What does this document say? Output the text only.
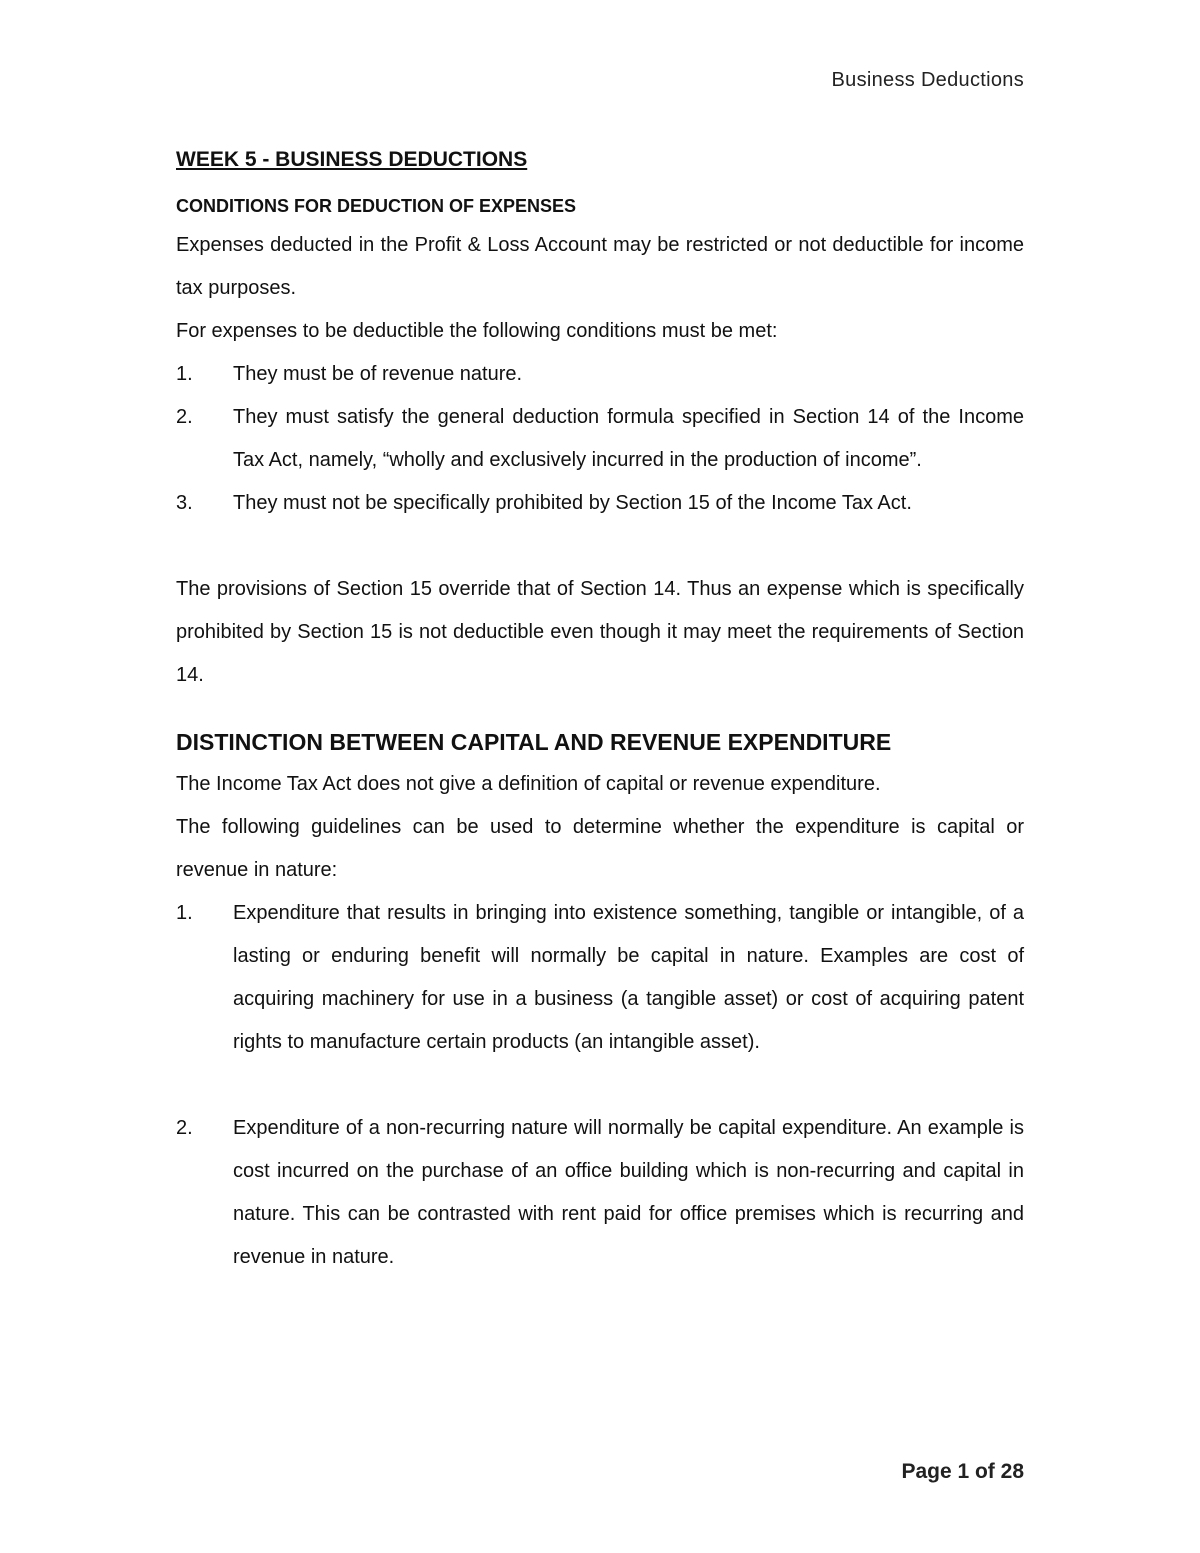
Business Deductions
WEEK 5 - BUSINESS DEDUCTIONS
CONDITIONS FOR DEDUCTION OF EXPENSES

Expenses deducted in the Profit & Loss Account may be restricted or not deductible for income tax purposes.

For expenses to be deductible the following conditions must be met:

1. They must be of revenue nature.
2. They must satisfy the general deduction formula specified in Section 14 of the Income Tax Act, namely, “wholly and exclusively incurred in the production of income”.
3. They must not be specifically prohibited by Section 15 of the Income Tax Act.

The provisions of Section 15 override that of Section 14. Thus an expense which is specifically prohibited by Section 15 is not deductible even though it may meet the requirements of Section 14.

DISTINCTION BETWEEN CAPITAL AND REVENUE EXPENDITURE

The Income Tax Act does not give a definition of capital or revenue expenditure.

The following guidelines can be used to determine whether the expenditure is capital or revenue in nature:

1. Expenditure that results in bringing into existence something, tangible or intangible, of a lasting or enduring benefit will normally be capital in nature. Examples are cost of acquiring machinery for use in a business (a tangible asset) or cost of acquiring patent rights to manufacture certain products (an intangible asset).
2. Expenditure of a non-recurring nature will normally be capital expenditure. An example is cost incurred on the purchase of an office building which is non-recurring and capital in nature. This can be contrasted with rent paid for office premises which is recurring and revenue in nature.
Page 1 of 28
